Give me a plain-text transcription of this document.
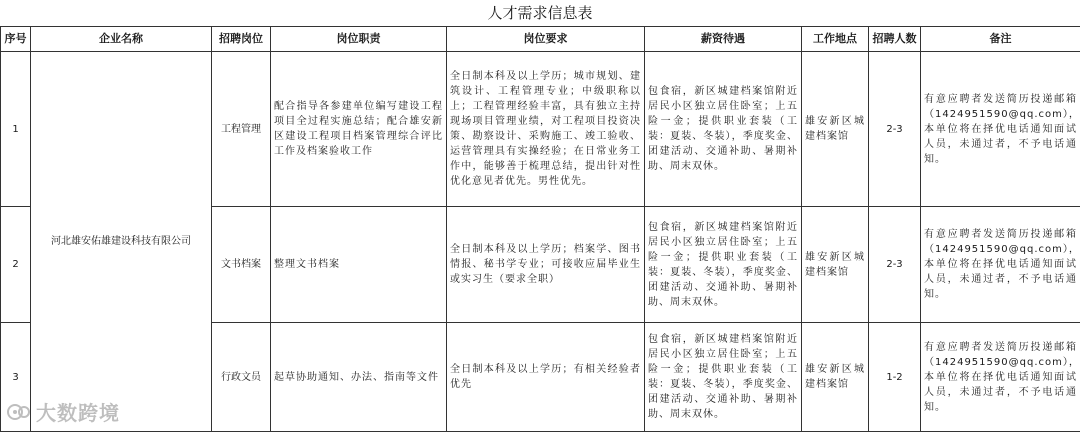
人才需求信息表
序号	企业名称	招聘岗位	岗位职责	岗位要求	薪资待遇	工作地点	招聘人数	备注
1	河北雄安佑雄建设科技有限公司	工程管理	配合指导各参建单位编写建设工程项目全过程实施总结；配合雄安新区建设工程项目档案管理综合评比工作及档案验收工作	全日制本科及以上学历；城市规划、建筑设计、工程管理专业；中级职称以上；工程管理经验丰富，具有独立主持现场项目管理业绩，对工程项目投资决策、勘察设计、采购施工、竣工验收、运营管理具有实操经验；在日常业务工作中，能够善于梳理总结，提出针对性优化意见者优先。男性优先。	包食宿，新区城建档案馆附近居民小区独立居住卧室；上五险一金；提供职业套装（工装：夏装、冬装），季度奖金、团建活动、交通补助、暑期补助、周末双休。	雄安新区城建档案馆	2-3	有意应聘者发送简历投递邮箱（1424951590@qq.com），本单位将在择优电话通知面试人员，未通过者，不予电话通知。
2		文书档案	整理文书档案	全日制本科及以上学历；档案学、图书情报、秘书学专业；可接收应届毕业生或实习生（要求全职）	包食宿，新区城建档案馆附近居民小区独立居住卧室；上五险一金；提供职业套装（工装：夏装、冬装），季度奖金、团建活动、交通补助、暑期补助、周末双休。	雄安新区城建档案馆	2-3	有意应聘者发送简历投递邮箱（1424951590@qq.com），本单位将在择优电话通知面试人员，未通过者，不予电话通知。
3		行政文员	起草协助通知、办法、指南等文件	全日制本科及以上学历；有相关经验者优先	包食宿，新区城建档案馆附近居民小区独立居住卧室；上五险一金；提供职业套装（工装：夏装、冬装），季度奖金、团建活动、交通补助、暑期补助、周末双休。	雄安新区城建档案馆	1-2	有意应聘者发送简历投递邮箱（1424951590@qq.com），本单位将在择优电话通知面试人员，未通过者，不予电话通知。
大数跨境
